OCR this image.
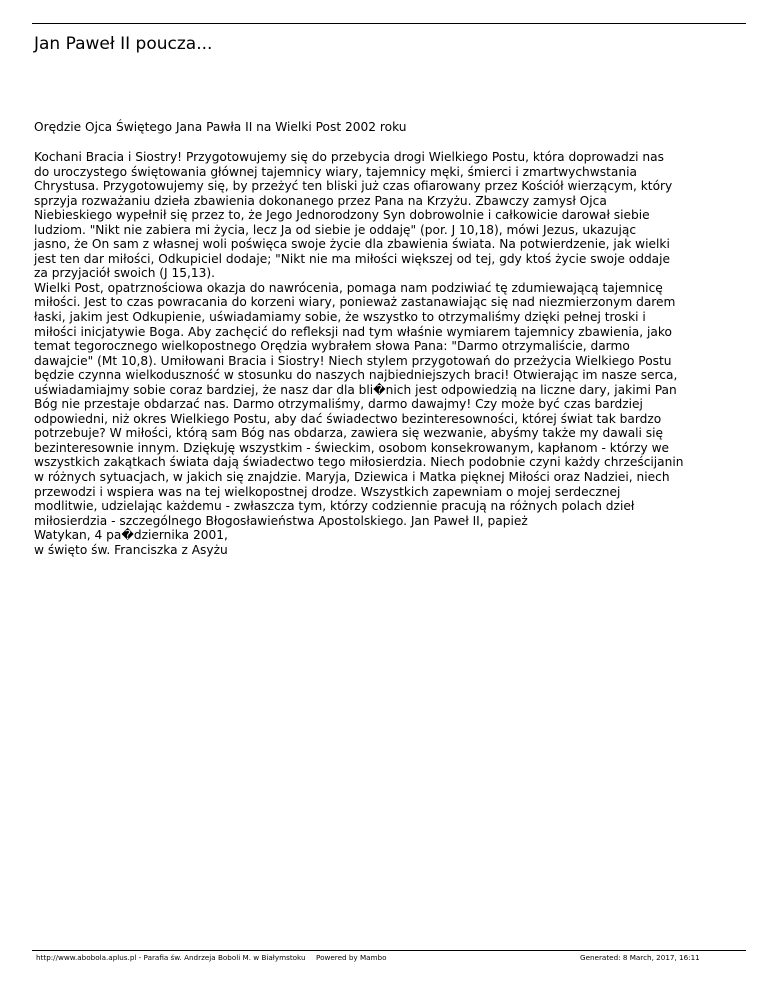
Jan Paweł II poucza...
Orędzie Ojca Świętego Jana Pawła II na Wielki Post 2002 roku
Kochani Bracia i Siostry! Przygotowujemy się do przebycia drogi Wielkiego Postu, która doprowadzi nas
do uroczystego świętowania głównej tajemnicy wiary, tajemnicy męki, śmierci i zmartwychwstania
Chrystusa. Przygotowujemy się, by przeżyć ten bliski już czas ofiarowany przez Kościół wierzącym, który
sprzyja rozważaniu dzieła zbawienia dokonanego przez Pana na Krzyżu. Zbawczy zamysł Ojca
Niebieskiego wypełnił się przez to, że Jego Jednorodzony Syn dobrowolnie i całkowicie darował siebie
ludziom. "Nikt nie zabiera mi życia, lecz Ja od siebie je oddaję" (por. J 10,18), mówi Jezus, ukazując
jasno, że On sam z własnej woli poświęca swoje życie dla zbawienia świata. Na potwierdzenie, jak wielki
jest ten dar miłości, Odkupiciel dodaje; "Nikt nie ma miłości większej od tej, gdy ktoś życie swoje oddaje
za przyjaciół swoich (J 15,13).
Wielki Post, opatrznościowa okazja do nawrócenia, pomaga nam podziwiać tę zdumiewającą tajemnicę
miłości. Jest to czas powracania do korzeni wiary, ponieważ zastanawiając się nad niezmierzonym darem
łaski, jakim jest Odkupienie, uświadamiamy sobie, że wszystko to otrzymaliśmy dzięki pełnej troski i
miłości inicjatywie Boga. Aby zachęcić do refleksji nad tym właśnie wymiarem tajemnicy zbawienia, jako
temat tegorocznego wielkopostnego Orędzia wybrałem słowa Pana: "Darmo otrzymaliście, darmo
dawajcie" (Mt 10,8). Umiłowani Bracia i Siostry! Niech stylem przygotowań do przeżycia Wielkiego Postu
będzie czynna wielkoduszność w stosunku do naszych najbiedniejszych braci! Otwierając im nasze serca,
uświadamiajmy sobie coraz bardziej, że nasz dar dla bli�nich jest odpowiedzią na liczne dary, jakimi Pan
Bóg nie przestaje obdarzać nas. Darmo otrzymaliśmy, darmo dawajmy! Czy może być czas bardziej
odpowiedni, niż okres Wielkiego Postu, aby dać świadectwo bezinteresowności, której świat tak bardzo
potrzebuje? W miłości, którą sam Bóg nas obdarza, zawiera się wezwanie, abyśmy także my dawali się
bezinteresownie innym. Dziękuję wszystkim - świeckim, osobom konsekrowanym, kapłanom - którzy we
wszystkich zakątkach świata dają świadectwo tego miłosierdzia. Niech podobnie czyni każdy chrześcijanin
w różnych sytuacjach, w jakich się znajdzie. Maryja, Dziewica i Matka pięknej Miłości oraz Nadziei, niech
przewodzi i wspiera was na tej wielkopostnej drodze. Wszystkich zapewniam o mojej serdecznej
modlitwie, udzielając każdemu - zwłaszcza tym, którzy codziennie pracują na różnych polach dzieł
miłosierdzia - szczególnego Błogosławieństwa Apostolskiego. Jan Paweł II, papież
Watykan, 4 pa�dziernika 2001,
w święto św. Franciszka z Asyżu
http://www.abobola.aplus.pl - Parafia św. Andrzeja Boboli M. w Białymstoku Powered by Mambo	Generated: 8 March, 2017, 16:11
